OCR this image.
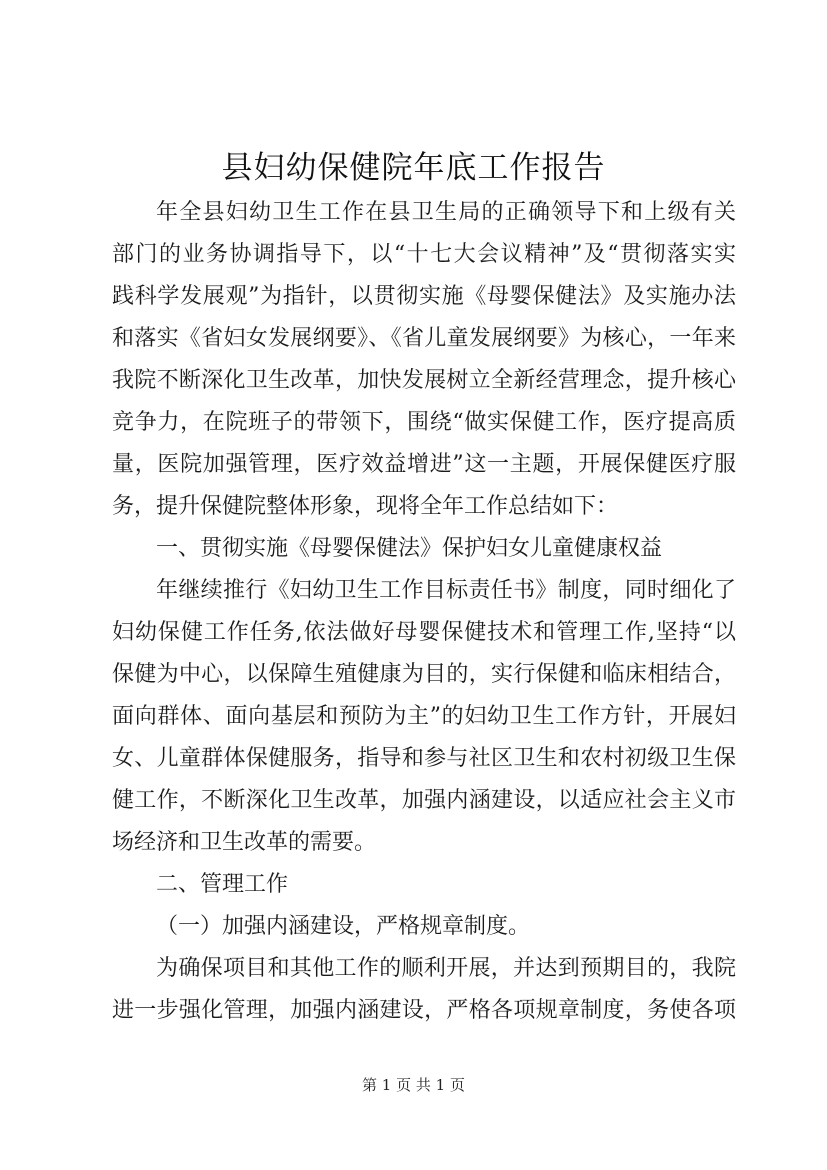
县妇幼保健院年底工作报告
年全县妇幼卫生工作在县卫生局的正确领导下和上级有关
部门的业务协调指导下，以“十七大会议精神”及“贯彻落实实
践科学发展观”为指针，以贯彻实施《母婴保健法》及实施办法
和落实《省妇女发展纲要》、《省儿童发展纲要》为核心，一年来
我院不断深化卫生改革，加快发展树立全新经营理念，提升核心
竞争力，在院班子的带领下，围绕“做实保健工作，医疗提高质
量，医院加强管理，医疗效益增进”这一主题，开展保健医疗服
务，提升保健院整体形象，现将全年工作总结如下：
一、贯彻实施《母婴保健法》保护妇女儿童健康权益
年继续推行《妇幼卫生工作目标责任书》制度，同时细化了
妇幼保健工作任务,依法做好母婴保健技术和管理工作,坚持“以
保健为中心，以保障生殖健康为目的，实行保健和临床相结合，
面向群体、面向基层和预防为主”的妇幼卫生工作方针，开展妇
女、儿童群体保健服务，指导和参与社区卫生和农村初级卫生保
健工作，不断深化卫生改革，加强内涵建设，以适应社会主义市
场经济和卫生改革的需要。
二、管理工作
（一）加强内涵建设，严格规章制度。
为确保项目和其他工作的顺利开展，并达到预期目的，我院
进一步强化管理，加强内涵建设，严格各项规章制度，务使各项
第 1 页 共 1 页
